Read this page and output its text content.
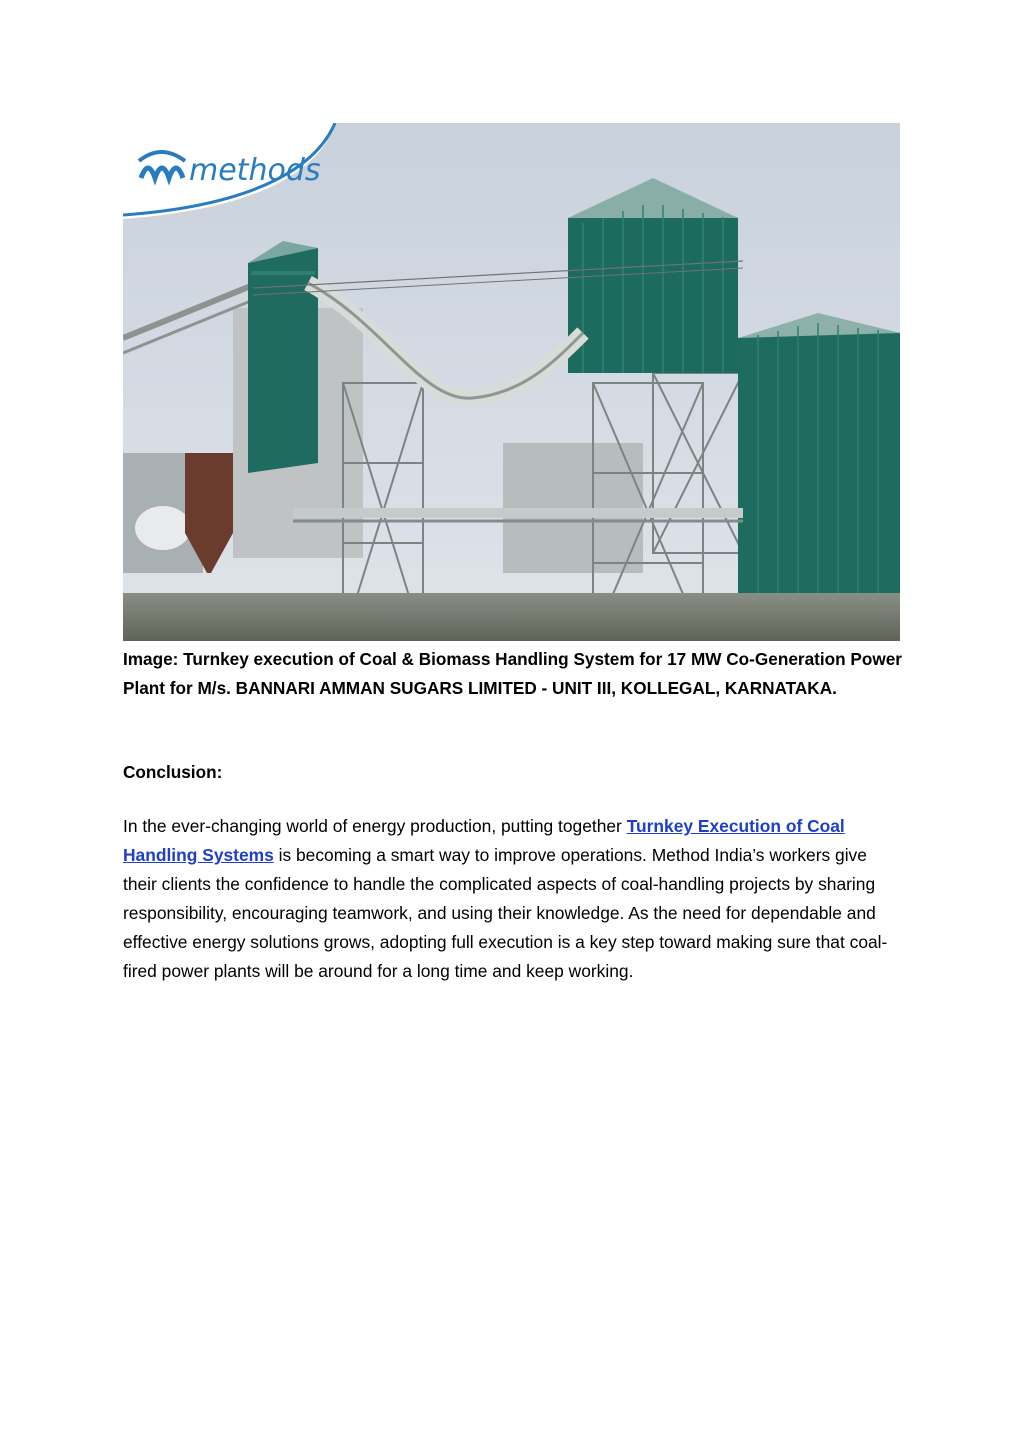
methods

Image: Turnkey execution of Coal & Biomass Handling System for 17 MW Co-Generation Power Plant for M/s. BANNARI AMMAN SUGARS LIMITED - UNIT III, KOLLEGAL, KARNATAKA.

Conclusion:

In the ever-changing world of energy production, putting together Turnkey Execution of Coal Handling Systems is becoming a smart way to improve operations. Method India’s workers give their clients the confidence to handle the complicated aspects of coal-handling projects by sharing responsibility, encouraging teamwork, and using their knowledge. As the need for dependable and effective energy solutions grows, adopting full execution is a key step toward making sure that coal-fired power plants will be around for a long time and keep working.
